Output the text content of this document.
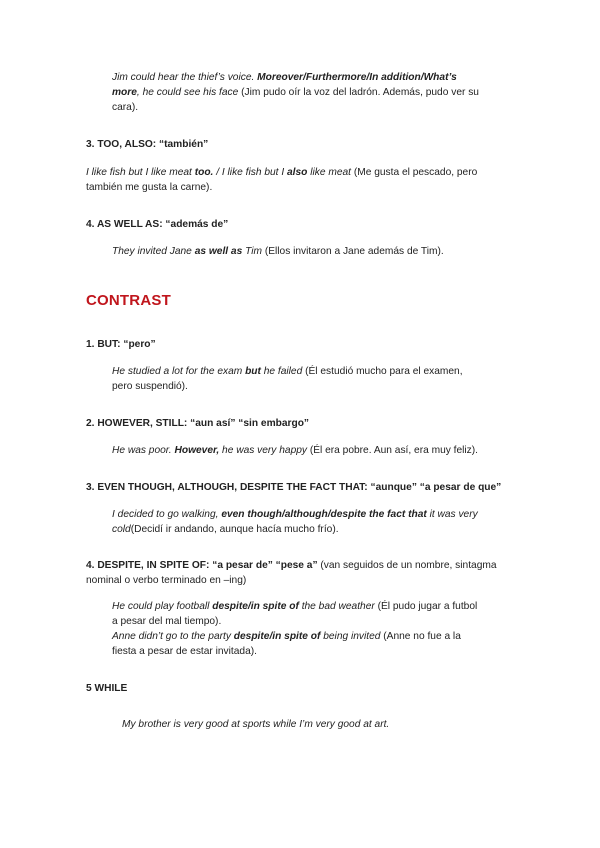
Jim could hear the thief’s voice. Moreover/Furthermore/In addition/What’s
more, he could see his face (Jim pudo oír la voz del ladrón. Además, pudo ver su
cara).
3. TOO, ALSO: “también”
I like fish but I like meat too. / I like fish but I also like meat (Me gusta el pescado, pero
también me gusta la carne).
4. AS WELL AS: “además de”
They invited Jane as well as Tim (Ellos invitaron a Jane además de Tim).
CONTRAST
1. BUT: “pero”
He studied a lot for the exam but he failed (Él estudió mucho para el examen,
pero suspendió).
2. HOWEVER, STILL: “aun así” “sin embargo”
He was poor. However, he was very happy (Él era pobre. Aun así, era muy feliz).
3. EVEN THOUGH, ALTHOUGH, DESPITE THE FACT THAT: “aunque” “a pesar de que”
I decided to go walking, even though/although/despite the fact that it was very
cold(Decidí ir andando, aunque hacía mucho frío).
4. DESPITE, IN SPITE OF: “a pesar de” “pese a” (van seguidos de un nombre, sintagma
nominal o verbo terminado en –ing)
He could play football despite/in spite of the bad weather (Él pudo jugar a futbol
a pesar del mal tiempo).
Anne didn’t go to the party despite/in spite of being invited (Anne no fue a la
fiesta a pesar de estar invitada).
5 WHILE
My brother is very good at sports while I’m very good at art.
